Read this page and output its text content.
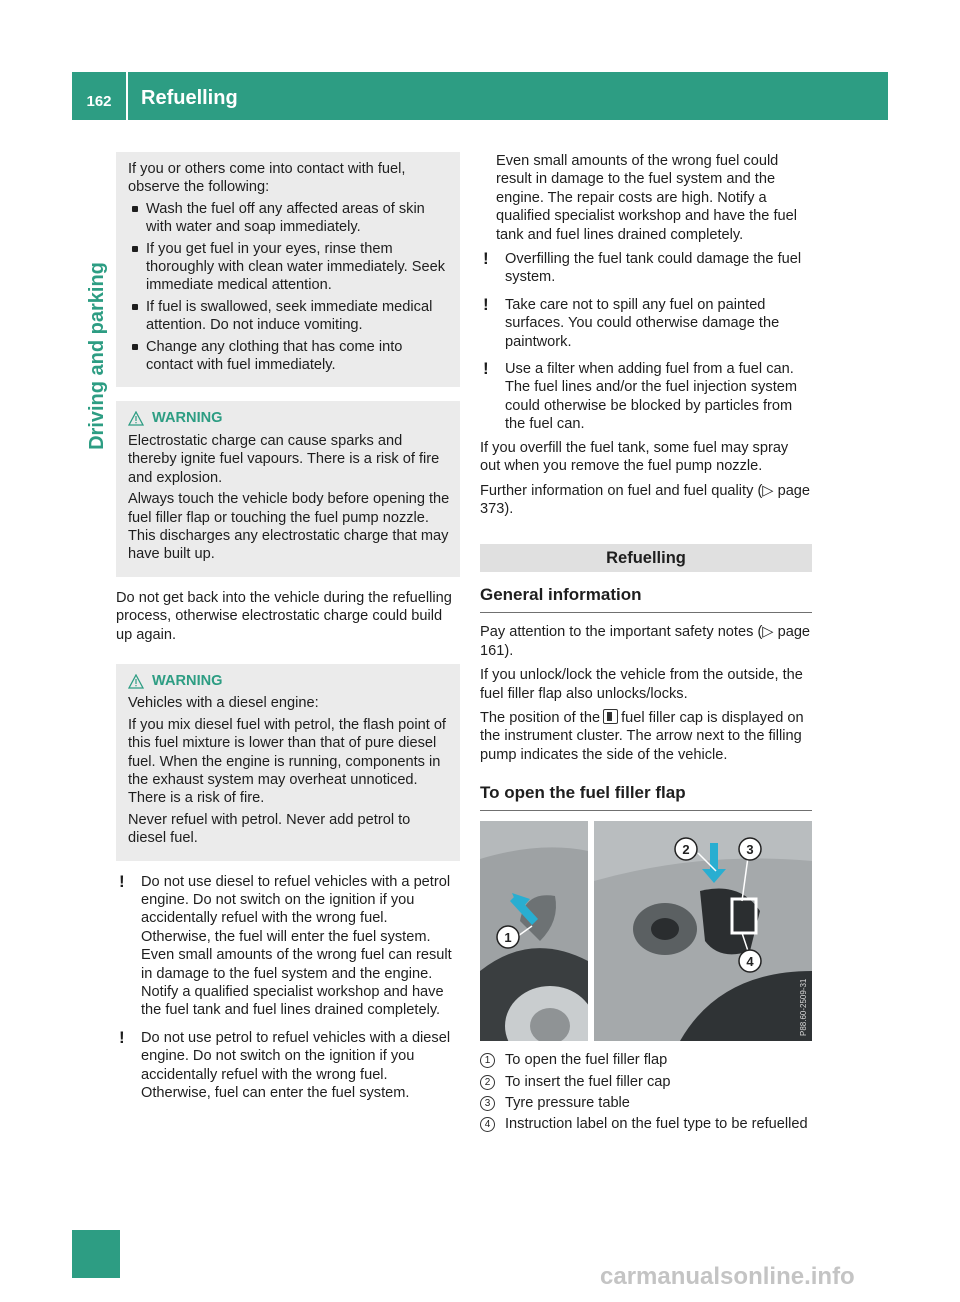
162	Refuelling
Driving and parking

If you or others come into contact with fuel, observe the following:

Wash the fuel off any affected areas of skin with water and soap immediately.
If you get fuel in your eyes, rinse them thoroughly with clean water immediately. Seek immediate medical attention.
If fuel is swallowed, seek immediate medical attention. Do not induce vomiting.
Change any clothing that has come into contact with fuel immediately.
WARNING

Electrostatic charge can cause sparks and thereby ignite fuel vapours. There is a risk of fire and explosion.

Always touch the vehicle body before opening the fuel filler flap or touching the fuel pump nozzle. This discharges any electrostatic charge that may have built up.

Do not get back into the vehicle during the refuelling process, otherwise electrostatic charge could build up again.

WARNING

Vehicles with a diesel engine:

If you mix diesel fuel with petrol, the flash point of this fuel mixture is lower than that of pure diesel fuel. When the engine is running, components in the exhaust system may overheat unnoticed. There is a risk of fire.

Never refuel with petrol. Never add petrol to diesel fuel.

! Do not use diesel to refuel vehicles with a petrol engine. Do not switch on the ignition if you accidentally refuel with the wrong fuel. Otherwise, the fuel will enter the fuel system. Even small amounts of the wrong fuel can result in damage to the fuel system and the engine. Notify a qualified specialist workshop and have the fuel tank and fuel lines drained completely.
! Do not use petrol to refuel vehicles with a diesel engine. Do not switch on the ignition if you accidentally refuel with the wrong fuel. Otherwise, fuel can enter the fuel system.

Even small amounts of the wrong fuel could result in damage to the fuel system and the engine. The repair costs are high. Notify a qualified specialist workshop and have the fuel tank and fuel lines drained completely.

! Overfilling the fuel tank could damage the fuel system.
! Take care not to spill any fuel on painted surfaces. You could otherwise damage the paintwork.
! Use a filter when adding fuel from a fuel can. The fuel lines and/or the fuel injection system could otherwise be blocked by particles from the fuel can.

If you overfill the fuel tank, some fuel may spray out when you remove the fuel pump nozzle.

Further information on fuel and fuel quality (▷ page 373).

Refuelling
General information

Pay attention to the important safety notes (▷ page 161).

If you unlock/lock the vehicle from the outside, the fuel filler flap also unlocks/locks.

The position of the fuel filler cap is displayed on the instrument cluster. The arrow next to the filling pump indicates the side of the vehicle.

To open the fuel filler flap
1
2	3
4
P88.60-2509-31
1	To open the fuel filler flap
2	To insert the fuel filler cap
3	Tyre pressure table
4	Instruction label on the fuel type to be refuelled
carmanualsonline.info
